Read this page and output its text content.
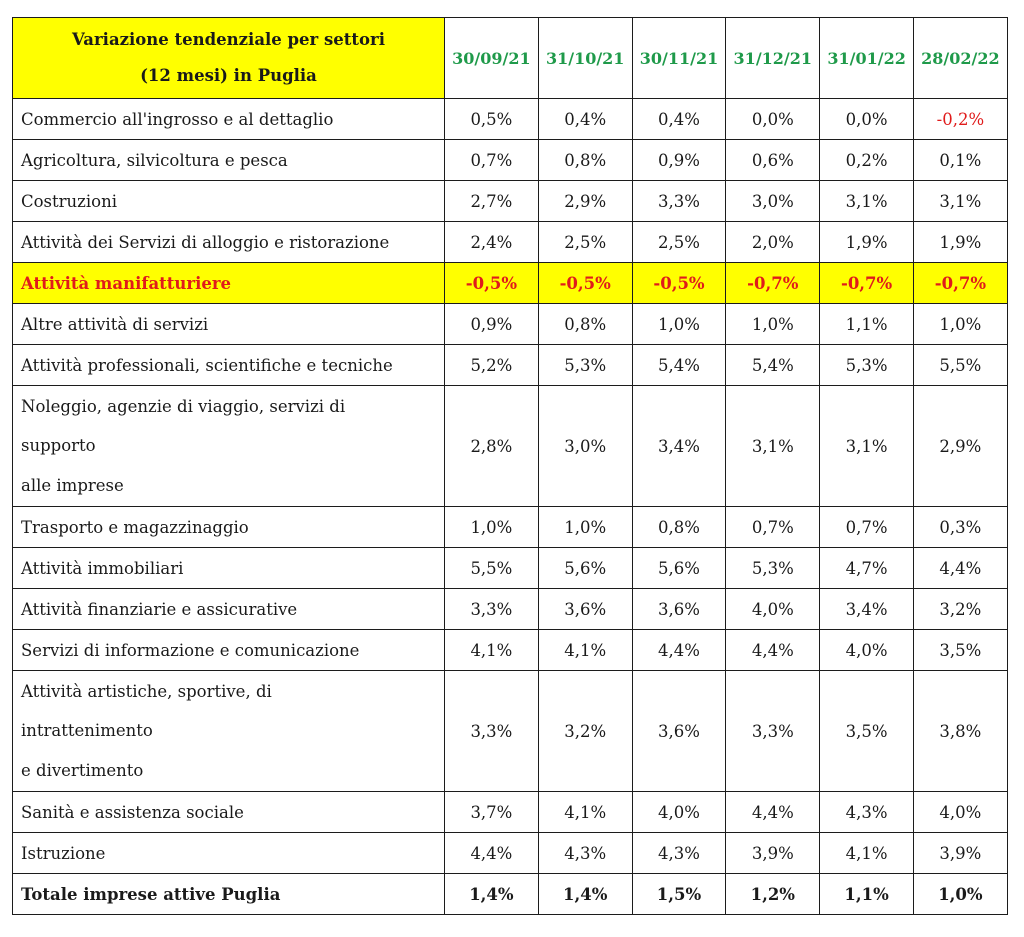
Variazione tendenziale per settori
(12 mesi) in Puglia	30/09/21	31/10/21	30/11/21	31/12/21	31/01/22	28/02/22

Commercio all'ingrosso e al dettaglio	0,5%	0,4%	0,4%	0,0%	0,0%	-0,2%

Agricoltura, silvicoltura e pesca	0,7%	0,8%	0,9%	0,6%	0,2%	0,1%

Costruzioni	2,7%	2,9%	3,3%	3,0%	3,1%	3,1%

Attività dei Servizi di alloggio e ristorazione	2,4%	2,5%	2,5%	2,0%	1,9%	1,9%

Attività manifatturiere	-0,5%	-0,5%	-0,5%	-0,7%	-0,7%	-0,7%

Altre attività di servizi	0,9%	0,8%	1,0%	1,0%	1,1%	1,0%

Attività professionali, scientifiche e tecniche	5,2%	5,3%	5,4%	5,4%	5,3%	5,5%

Noleggio, agenzie di viaggio, servizi di
supporto
alle imprese	2,8%	3,0%	3,4%	3,1%	3,1%	2,9%

Trasporto e magazzinaggio	1,0%	1,0%	0,8%	0,7%	0,7%	0,3%

Attività immobiliari	5,5%	5,6%	5,6%	5,3%	4,7%	4,4%

Attività finanziarie e assicurative	3,3%	3,6%	3,6%	4,0%	3,4%	3,2%

Servizi di informazione e comunicazione	4,1%	4,1%	4,4%	4,4%	4,0%	3,5%

Attività artistiche, sportive, di
intrattenimento
e divertimento	3,3%	3,2%	3,6%	3,3%	3,5%	3,8%

Sanità e assistenza sociale	3,7%	4,1%	4,0%	4,4%	4,3%	4,0%

Istruzione	4,4%	4,3%	4,3%	3,9%	4,1%	3,9%

Totale imprese attive Puglia	1,4%	1,4%	1,5%	1,2%	1,1%	1,0%
